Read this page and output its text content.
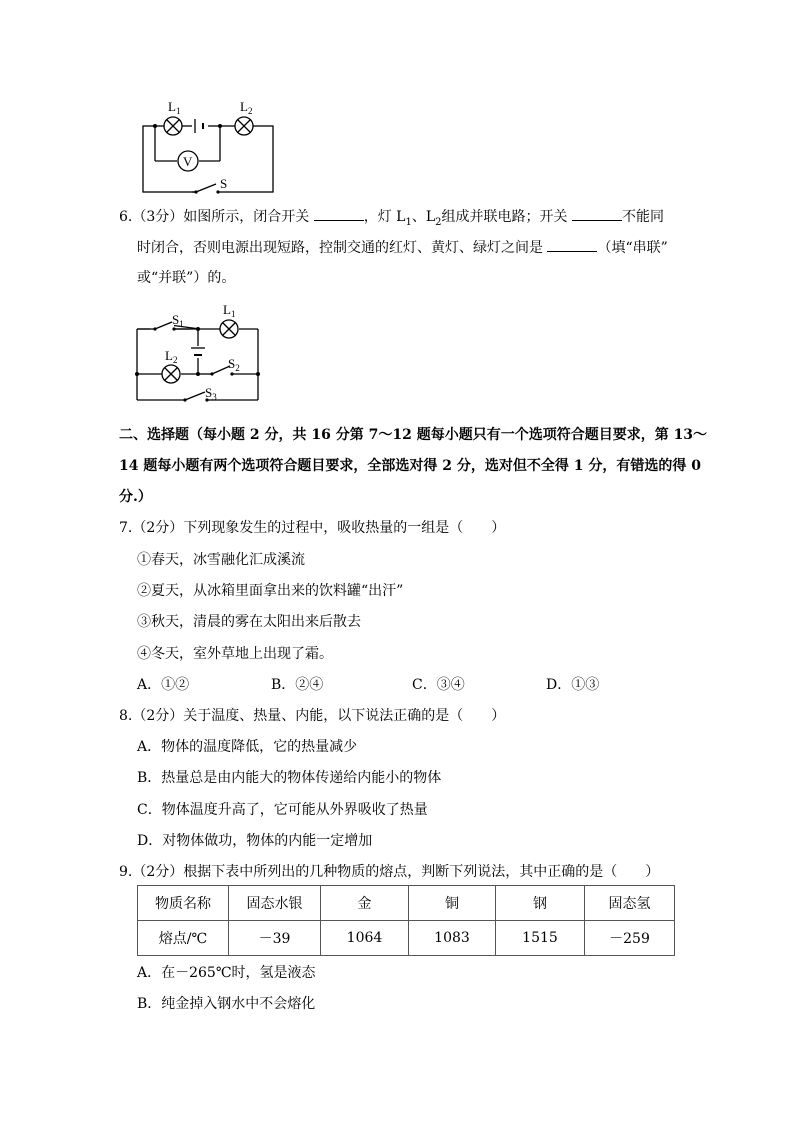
$L_1$	$L_2$
V
S
6.（3分）如图所示，闭合开关	，灯 $L_1$、$L_2$组成并联电路；开关	不能同
时闭合，否则电源出现短路，控制交通的红灯、黄灯、绿灯之间是	（填“串联”
或“并联”）的。
$S_1$
$L_1$
$L_2$	$S_2$
$S_3$
二、选择题（每小题 2 分，共 16 分第 7～12 题每小题只有一个选项符合题目要求，第 13～
14 题每小题有两个选项符合题目要求，全部选对得 2 分，选对但不全得 1 分，有错选的得 0
分.）
7.（2分）下列现象发生的过程中，吸收热量的一组是（　　）
①春天，冰雪融化汇成溪流
②夏天，从冰箱里面拿出来的饮料罐“出汗”
③秋天，清晨的雾在太阳出来后散去
④冬天，室外草地上出现了霜。
A．①②	B．②④	C．③④	D．①③
8.（2分）关于温度、热量、内能，以下说法正确的是（　　）
A．物体的温度降低，它的热量减少
B．热量总是由内能大的物体传递给内能小的物体
C．物体温度升高了，它可能从外界吸收了热量
D．对物体做功，物体的内能一定增加
9.（2分）根据下表中所列出的几种物质的熔点，判断下列说法，其中正确的是（　　）
物质名称	固态水银	金	铜	钢	固态氢
熔点/℃	－39	1064	1083	1515	－259
A．在－265℃时，氢是液态
B．纯金掉入钢水中不会熔化
